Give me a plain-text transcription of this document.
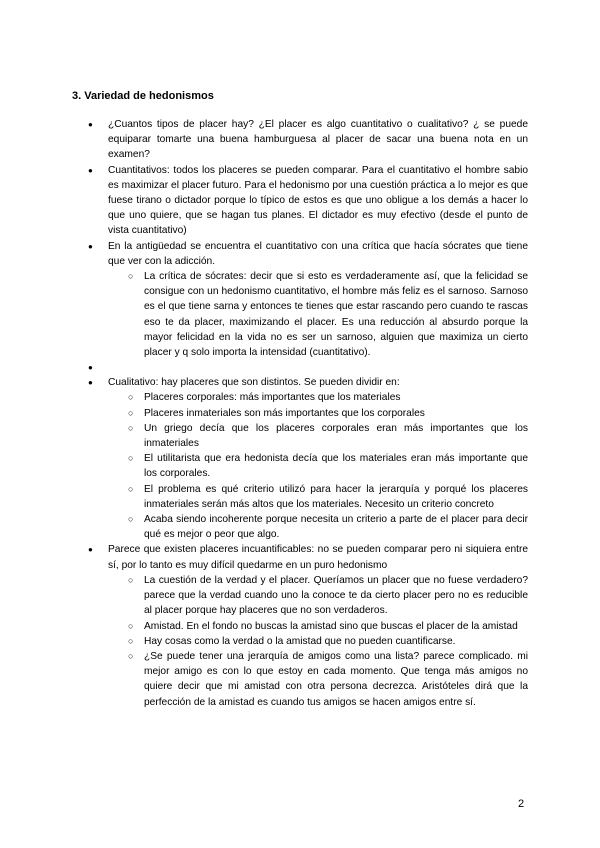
3. Variedad de hedonismos
● ¿Cuantos tipos de placer hay? ¿El placer es algo cuantitativo o cualitativo? ¿ se puede equiparar tomarte una buena hamburguesa al placer de sacar una buena nota en un examen?
● Cuantitativos: todos los placeres se pueden comparar. Para el cuantitativo el hombre sabio es maximizar el placer futuro. Para el hedonismo por una cuestión práctica a lo mejor es que fuese tirano o dictador porque lo típico de estos es que uno obligue a los demás a hacer lo que uno quiere, que se hagan tus planes. El dictador es muy efectivo (desde el punto de vista cuantitativo)
● En la antigüedad se encuentra el cuantitativo con una crítica que hacía sócrates que tiene que ver con la adicción.
○ La crítica de sócrates: decir que si esto es verdaderamente así, que la felicidad se consigue con un hedonismo cuantitativo, el hombre más feliz es el sarnoso. Sarnoso es el que tiene sarna y entonces te tienes que estar rascando pero cuando te rascas eso te da placer, maximizando el placer. Es una reducción al absurdo porque la mayor felicidad en la vida no es ser un sarnoso, alguien que maximiza un cierto placer y q solo importa la intensidad (cuantitativo).
●
● Cualitativo: hay placeres que son distintos. Se pueden dividir en:
○ Placeres corporales: más importantes que los materiales
○ Placeres inmateriales son más importantes que los corporales
○ Un griego decía que los placeres corporales eran más importantes que los inmateriales
○ El utilitarista que era hedonista decía que los materiales eran más importante que los corporales.
○ El problema es qué criterio utilizó para hacer la jerarquía y porqué los placeres inmateriales serán más altos que los materiales. Necesito un criterio concreto
○ Acaba siendo incoherente porque necesita un criterio a parte de el placer para decir qué es mejor o peor que algo.
● Parece que existen placeres incuantificables: no se pueden comparar pero ni siquiera entre sí, por lo tanto es muy difícil quedarme en un puro hedonismo
○ La cuestión de la verdad y el placer. Queríamos un placer que no fuese verdadero? parece que la verdad cuando uno la conoce te da cierto placer pero no es reducible al placer porque hay placeres que no son verdaderos.
○ Amistad. En el fondo no buscas la amistad sino que buscas el placer de la amistad
○ Hay cosas como la verdad o la amistad que no pueden cuantificarse.
○ ¿Se puede tener una jerarquía de amigos como una lista? parece complicado. mi mejor amigo es con lo que estoy en cada momento. Que tenga más amigos no quiere decir que mi amistad con otra persona decrezca. Aristóteles dirá que la perfección de la amistad es cuando tus amigos se hacen amigos entre sí.
2
